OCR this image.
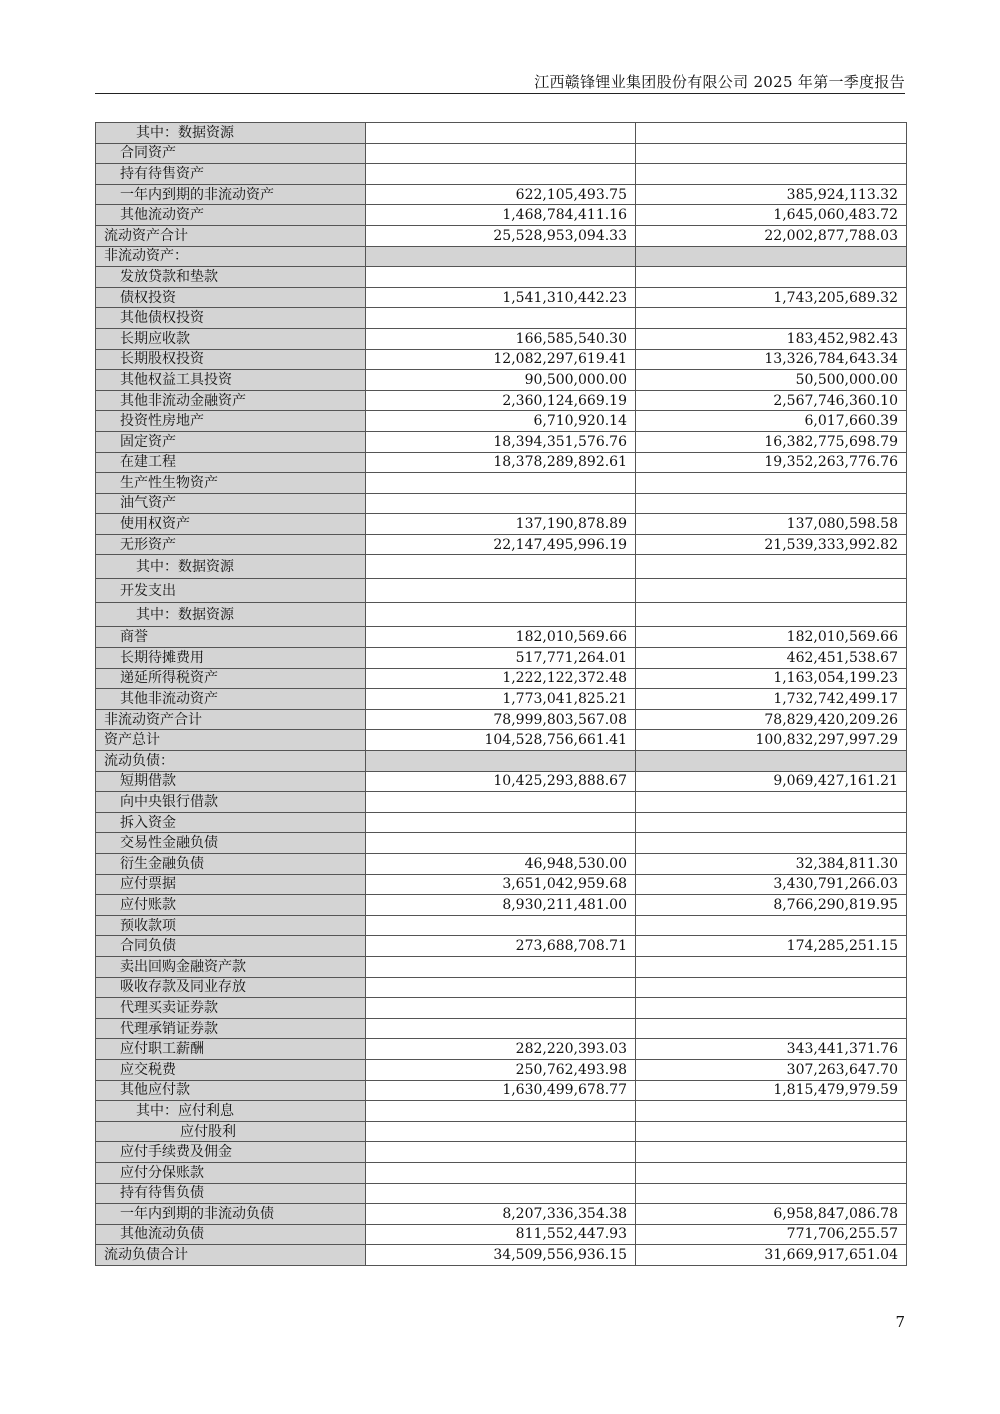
江西赣锋锂业集团股份有限公司 2025 年第一季度报告
其中：数据资源		
合同资产		
持有待售资产		
一年内到期的非流动资产	622,105,493.75	385,924,113.32
其他流动资产	1,468,784,411.16	1,645,060,483.72
流动资产合计	25,528,953,094.33	22,002,877,788.03
非流动资产：		
发放贷款和垫款		
债权投资	1,541,310,442.23	1,743,205,689.32
其他债权投资		
长期应收款	166,585,540.30	183,452,982.43
长期股权投资	12,082,297,619.41	13,326,784,643.34
其他权益工具投资	90,500,000.00	50,500,000.00
其他非流动金融资产	2,360,124,669.19	2,567,746,360.10
投资性房地产	6,710,920.14	6,017,660.39
固定资产	18,394,351,576.76	16,382,775,698.79
在建工程	18,378,289,892.61	19,352,263,776.76
生产性生物资产		
油气资产		
使用权资产	137,190,878.89	137,080,598.58
无形资产	22,147,495,996.19	21,539,333,992.82
其中：数据资源		
开发支出		
其中：数据资源		
商誉	182,010,569.66	182,010,569.66
长期待摊费用	517,771,264.01	462,451,538.67
递延所得税资产	1,222,122,372.48	1,163,054,199.23
其他非流动资产	1,773,041,825.21	1,732,742,499.17
非流动资产合计	78,999,803,567.08	78,829,420,209.26
资产总计	104,528,756,661.41	100,832,297,997.29
流动负债：		
短期借款	10,425,293,888.67	9,069,427,161.21
向中央银行借款		
拆入资金		
交易性金融负债		
衍生金融负债	46,948,530.00	32,384,811.30
应付票据	3,651,042,959.68	3,430,791,266.03
应付账款	8,930,211,481.00	8,766,290,819.95
预收款项		
合同负债	273,688,708.71	174,285,251.15
卖出回购金融资产款		
吸收存款及同业存放		
代理买卖证券款		
代理承销证券款		
应付职工薪酬	282,220,393.03	343,441,371.76
应交税费	250,762,493.98	307,263,647.70
其他应付款	1,630,499,678.77	1,815,479,979.59
其中：应付利息		
应付股利		
应付手续费及佣金		
应付分保账款		
持有待售负债		
一年内到期的非流动负债	8,207,336,354.38	6,958,847,086.78
其他流动负债	811,552,447.93	771,706,255.57
流动负债合计	34,509,556,936.15	31,669,917,651.04
7
